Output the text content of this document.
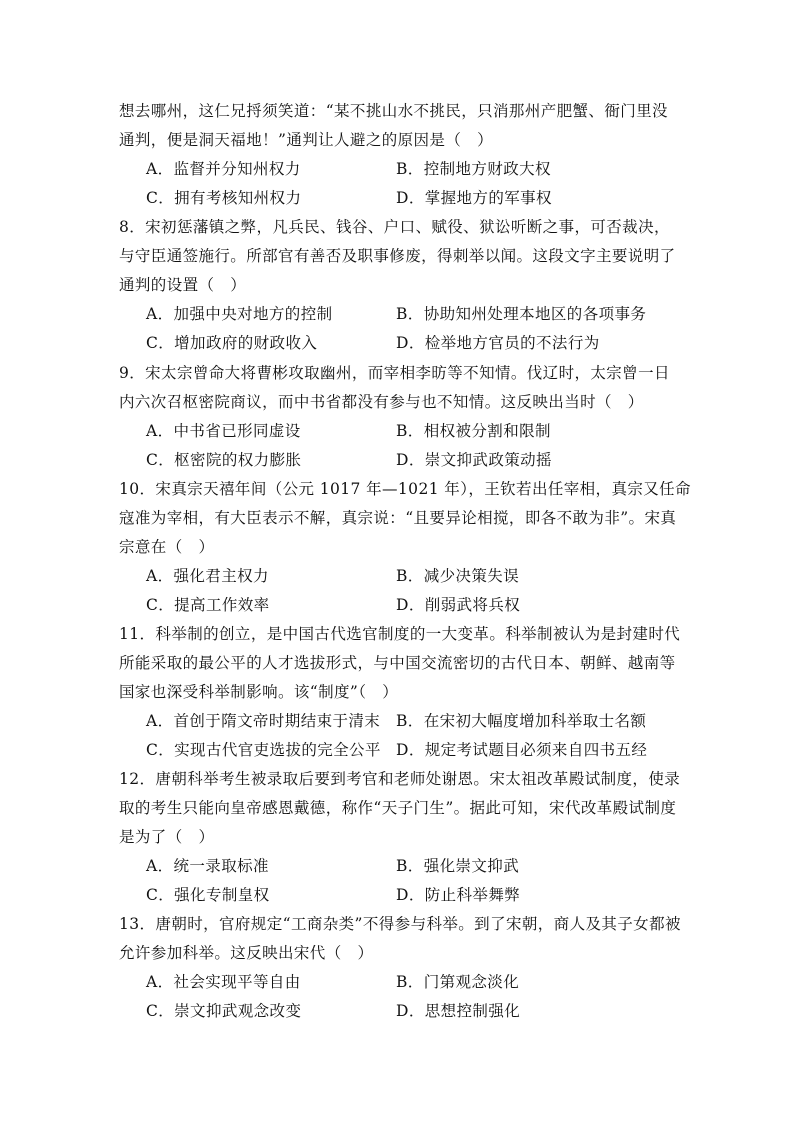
想去哪州，这仁兄捋须笑道：“某不挑山水不挑民，只消那州产肥蟹、衙门里没
通判，便是洞天福地！”通判让人避之的原因是（　）
A．监督并分知州权力	B．控制地方财政大权
C．拥有考核知州权力	D．掌握地方的军事权
8．宋初惩藩镇之弊，凡兵民、钱谷、户口、赋役、狱讼听断之事，可否裁决，
与守臣通签施行。所部官有善否及职事修废，得刺举以闻。这段文字主要说明了
通判的设置（　）
A．加强中央对地方的控制	B．协助知州处理本地区的各项事务
C．增加政府的财政收入	D．检举地方官员的不法行为
9．宋太宗曾命大将曹彬攻取幽州，而宰相李昉等不知情。伐辽时，太宗曾一日
内六次召枢密院商议，而中书省都没有参与也不知情。这反映出当时（　）
A．中书省已形同虚设	B．相权被分割和限制
C．枢密院的权力膨胀	D．崇文抑武政策动摇
10．宋真宗天禧年间（公元 1017 年—1021 年），王钦若出任宰相，真宗又任命
寇准为宰相，有大臣表示不解，真宗说：“且要异论相搅，即各不敢为非”。宋真
宗意在（　）
A．强化君主权力	B．减少决策失误
C．提高工作效率	D．削弱武将兵权
11．科举制的创立，是中国古代选官制度的一大变革。科举制被认为是封建时代
所能采取的最公平的人才选拔形式，与中国交流密切的古代日本、朝鲜、越南等
国家也深受科举制影响。该“制度”（　）
A．首创于隋文帝时期结束于清末 B．在宋初大幅度增加科举取士名额
C．实现古代官吏选拔的完全公平 D．规定考试题目必须来自四书五经
12．唐朝科举考生被录取后要到考官和老师处谢恩。宋太祖改革殿试制度，使录
取的考生只能向皇帝感恩戴德，称作“天子门生”。据此可知，宋代改革殿试制度
是为了（　）
A．统一录取标准	B．强化崇文抑武
C．强化专制皇权	D．防止科举舞弊
13．唐朝时，官府规定“工商杂类”不得参与科举。到了宋朝，商人及其子女都被
允许参加科举。这反映出宋代（　）
A．社会实现平等自由	B．门第观念淡化
C．崇文抑武观念改变	D．思想控制强化
